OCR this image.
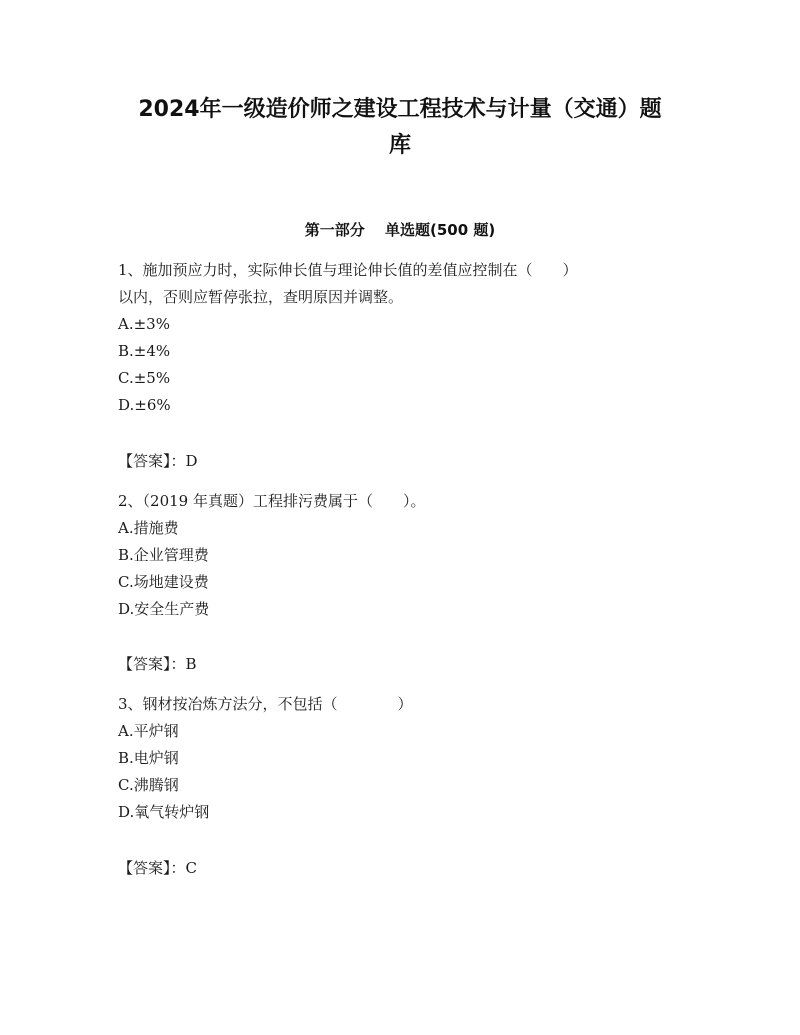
2024年一级造价师之建设工程技术与计量（交通）题
库
第一部分　 单选题(500 题)
1、施加预应力时，实际伸长值与理论伸长值的差值应控制在（　　）
以内，否则应暂停张拉，查明原因并调整。
A.±3%
B.±4%
C.±5%
D.±6%
【答案】：D
2、（2019 年真题）工程排污费属于（　　）。
A.措施费
B.企业管理费
C.场地建设费
D.安全生产费
【答案】：B
3、钢材按冶炼方法分，不包括（　　　　）
A.平炉钢
B.电炉钢
C.沸腾钢
D.氧气转炉钢
【答案】：C
